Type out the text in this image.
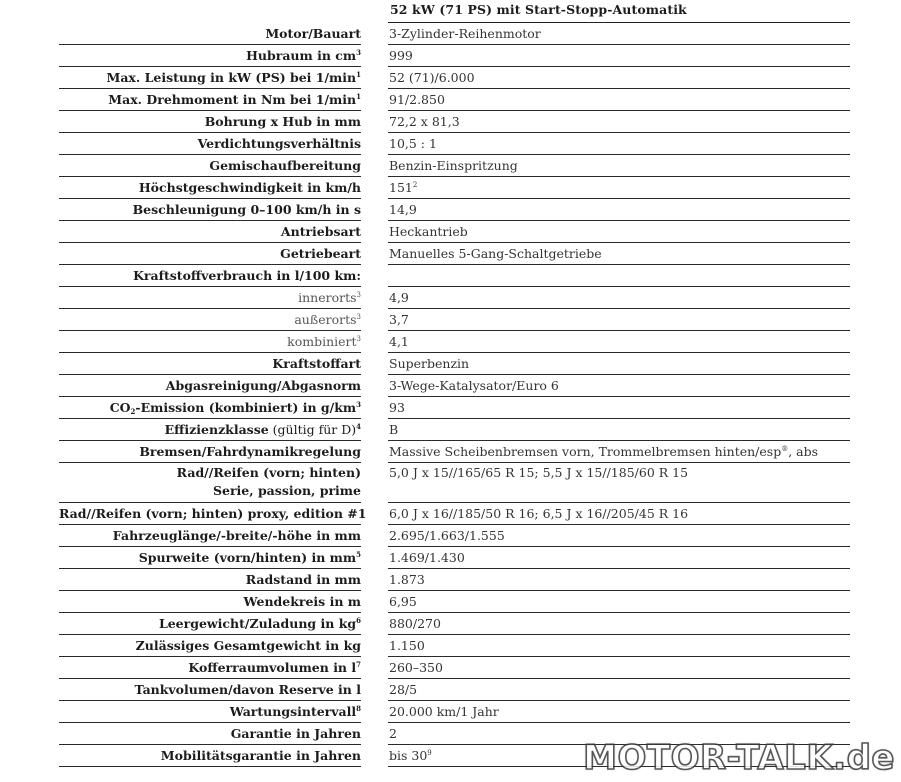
52 kW (71 PS) mit Start-Stopp-Automatik
Motor/Bauart 3-Zylinder-Reihenmotor
Hubraum in $cm^3$ 999
Max. Leistung in kW (PS) bei $1/\min^1$ 52 (71)/6.000
Max. Drehmoment in Nm bei $1/\min^1$ 91/2.850
Bohrung x Hub in mm 72,2 x 81,3
Verdichtungsverhältnis 10,5 : 1
Gemischaufbereitung Benzin-Einspritzung
Höchstgeschwindigkeit in km/h $151^2$
Beschleunigung 0–100 km/h in s 14,9
Antriebsart Heckantrieb
Getriebeart Manuelles 5-Gang-Schaltgetriebe
Kraftstoffverbrauch in l/100 km:
innerorts$^3$ 4,9
außerorts$^3$ 3,7
kombiniert$^3$ 4,1
Kraftstoffart Superbenzin
Abgasreinigung/Abgasnorm 3-Wege-Katalysator/Euro 6
$CO_2$-Emission (kombiniert) in $g/km^3$ 93
Effizienzklasse (gültig für D)$^4$ B
Bremsen/Fahrdynamikregelung Massive Scheibenbremsen vorn, Trommelbremsen hinten/esp®, abs
Rad//Reifen (vorn; hinten)
Serie, passion, prime
5,0 J x 15//165/65 R 15; 5,5 J x 15//185/60 R 15
Rad//Reifen (vorn; hinten) proxy, edition #1 6,0 J x 16//185/50 R 16; 6,5 J x 16//205/45 R 16
Fahrzeuglänge/-breite/-höhe in mm 2.695/1.663/1.555
Spurweite (vorn/hinten) in $mm^5$ 1.469/1.430
Radstand in mm 1.873
Wendekreis in m 6,95
Leergewicht/Zuladung in $kg^6$ 880/270
Zulässiges Gesamtgewicht in kg 1.150
Kofferraumvolumen in $l^7$ 260–350
Tankvolumen/davon Reserve in l 28/5
Wartungsintervall$^8$ 20.000 km/1 Jahr
Garantie in Jahren 2
Mobilitätsgarantie in Jahren bis $30^9$	MOTOR-TALK.de
